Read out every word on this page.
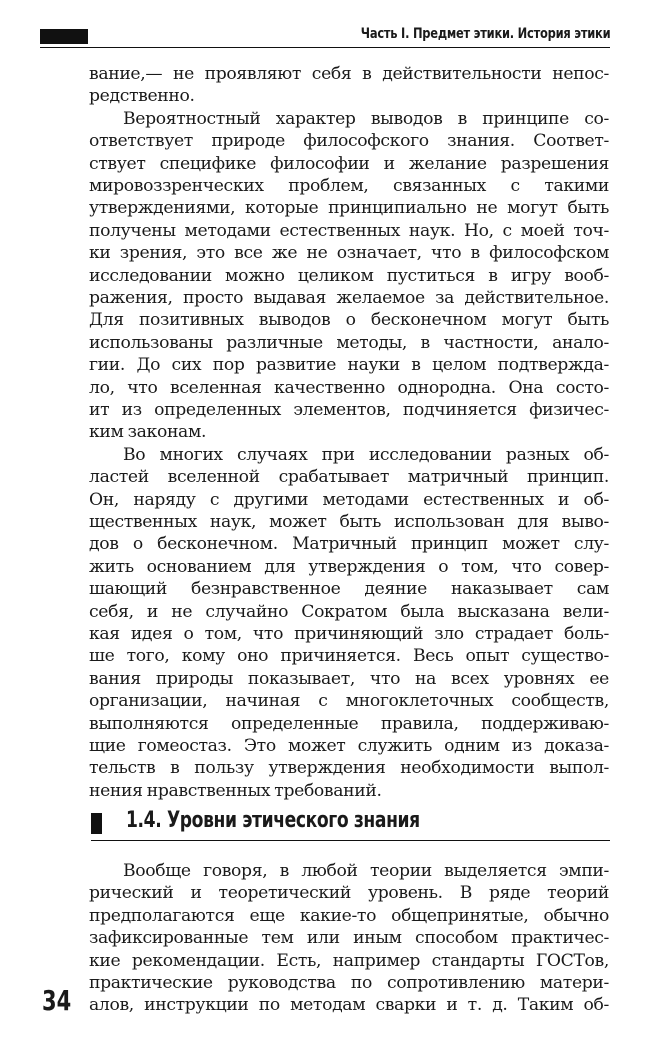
Часть I. Предмет этики. История этики
вание,— не проявляют себя в действительности непос-
редственно.
Вероятностный характер выводов в принципе со-
ответствует природе философского знания. Соответ-
ствует специфике философии и желание разрешения
мировоззренческих проблем, связанных с такими
утверждениями, которые принципиально не могут быть
получены методами естественных наук. Но, с моей точ-
ки зрения, это все же не означает, что в философском
исследовании можно целиком пуститься в игру вооб-
ражения, просто выдавая желаемое за действительное.
Для позитивных выводов о бесконечном могут быть
использованы различные методы, в частности, анало-
гии. До сих пор развитие науки в целом подтвержда-
ло, что вселенная качественно однородна. Она состо-
ит из определенных элементов, подчиняется физичес-
ким законам.
Во многих случаях при исследовании разных об-
ластей вселенной срабатывает матричный принцип.
Он, наряду с другими методами естественных и об-
щественных наук, может быть использован для выво-
дов о бесконечном. Матричный принцип может слу-
жить основанием для утверждения о том, что совер-
шающий безнравственное деяние наказывает сам
себя, и не случайно Сократом была высказана вели-
кая идея о том, что причиняющий зло страдает боль-
ше того, кому оно причиняется. Весь опыт существо-
вания природы показывает, что на всех уровнях ее
организации, начиная с многоклеточных сообществ,
выполняются определенные правила, поддерживаю-
щие гомеостаз. Это может служить одним из доказа-
тельств в пользу утверждения необходимости выпол-
нения нравственных требований.
1.4. Уровни этического знания
Вообще говоря, в любой теории выделяется эмпи-
рический и теоретический уровень. В ряде теорий
предполагаются еще какие-то общепринятые, обычно
зафиксированные тем или иным способом практичес-
кие рекомендации. Есть, например стандарты ГОСТов,
практические руководства по сопротивлению матери-
алов, инструкции по методам сварки и т. д. Таким об-
34
